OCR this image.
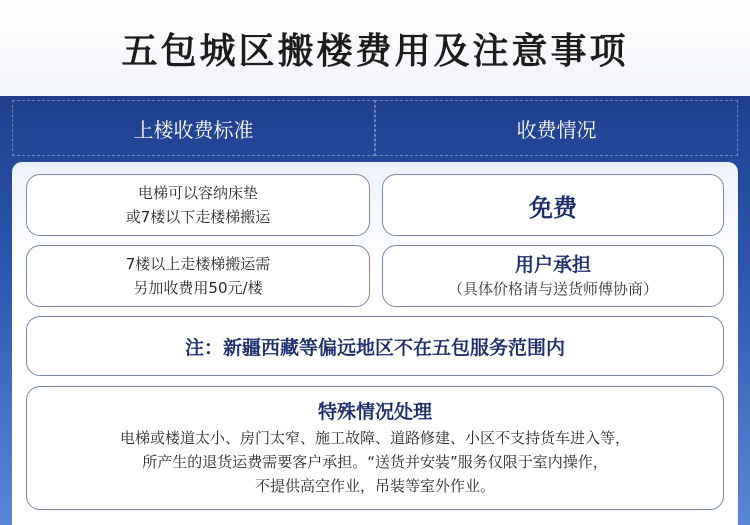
五包城区搬楼费用及注意事项
上楼收费标准	收费情况
电梯可以容纳床垫
或7楼以下走楼梯搬运	免费
7楼以上走楼梯搬运需
另加收费用50元/楼
用户承担
（具体价格请与送货师傅协商）
注：新疆西藏等偏远地区不在五包服务范围内
特殊情况处理
电梯或楼道太小、房门太窄、施工故障、道路修建、小区不支持货车进入等，
所产生的退货运费需要客户承担。“送货并安装”服务仅限于室内操作，
不提供高空作业，吊装等室外作业。
